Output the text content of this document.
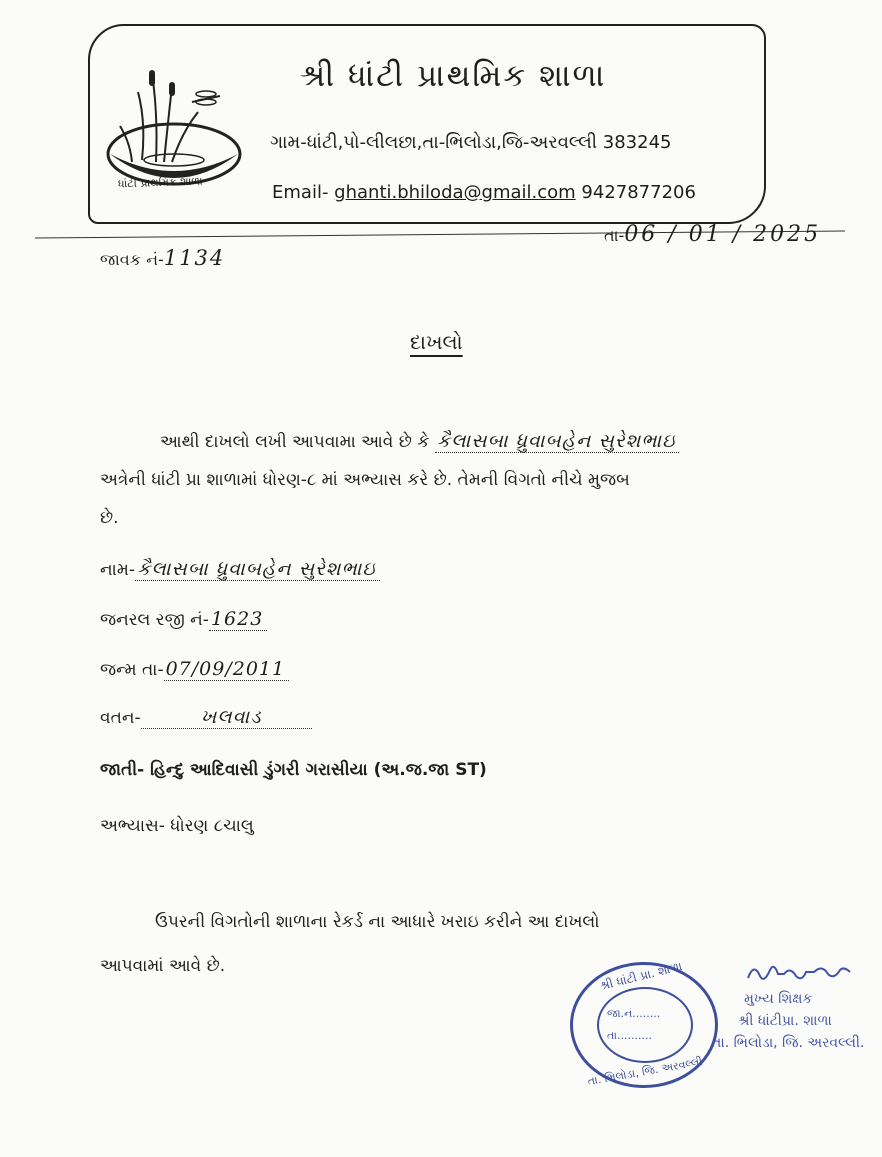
ધાંટી પ્રાથમિક શાળા
શ્રી ધાંટી પ્રાથમિક શાળા
ગામ-ધાંટી,પો-લીલછા,તા-ભિલોડા,જિ-અરવલ્લી 383245
Email- ghanti.bhiloda@gmail.com 9427877206
જાવક નં-1134
તા-06 / 01 / 2025
દાખલો
આથી દાખલો લખી આપવામા આવે છે કે કૈલાસબા ધ્રુવાબહેન સુરેશભાઇ
અત્રેની ધાંટી પ્રા શાળામાં ધોરણ-૮ માં અભ્યાસ કરે છે. તેમની વિગતો નીચે મુજબ
છે.
નામ- કૈલાસબા ધ્રુવાબહેન સુરેશભાઇ
જનરલ રજી નં- 1623
જન્મ તા- 07/09/2011
વતન-	ખલવાડ
જાતી- હિન્દુ આદિવાસી ડુંગરી ગરાસીયા (અ.જ.જા ST)
અભ્યાસ- ધોરણ ૮ચાલુ
ઉપરની વિગતોની શાળાના રેકર્ડ ના આધારે ખરાઇ કરીને આ દાખલો
આપવામાં આવે છે.	શ્રી ધાંટી પ્રા. શાળા
જા.નં........
તા..........
તા. ભિલોડા, જિ. અરવલ્લી
મુખ્ય શિક્ષક
શ્રી ધાંટીપ્રા. શાળા
તા. ભિલોડા, જિ. અરવલ્લી.
